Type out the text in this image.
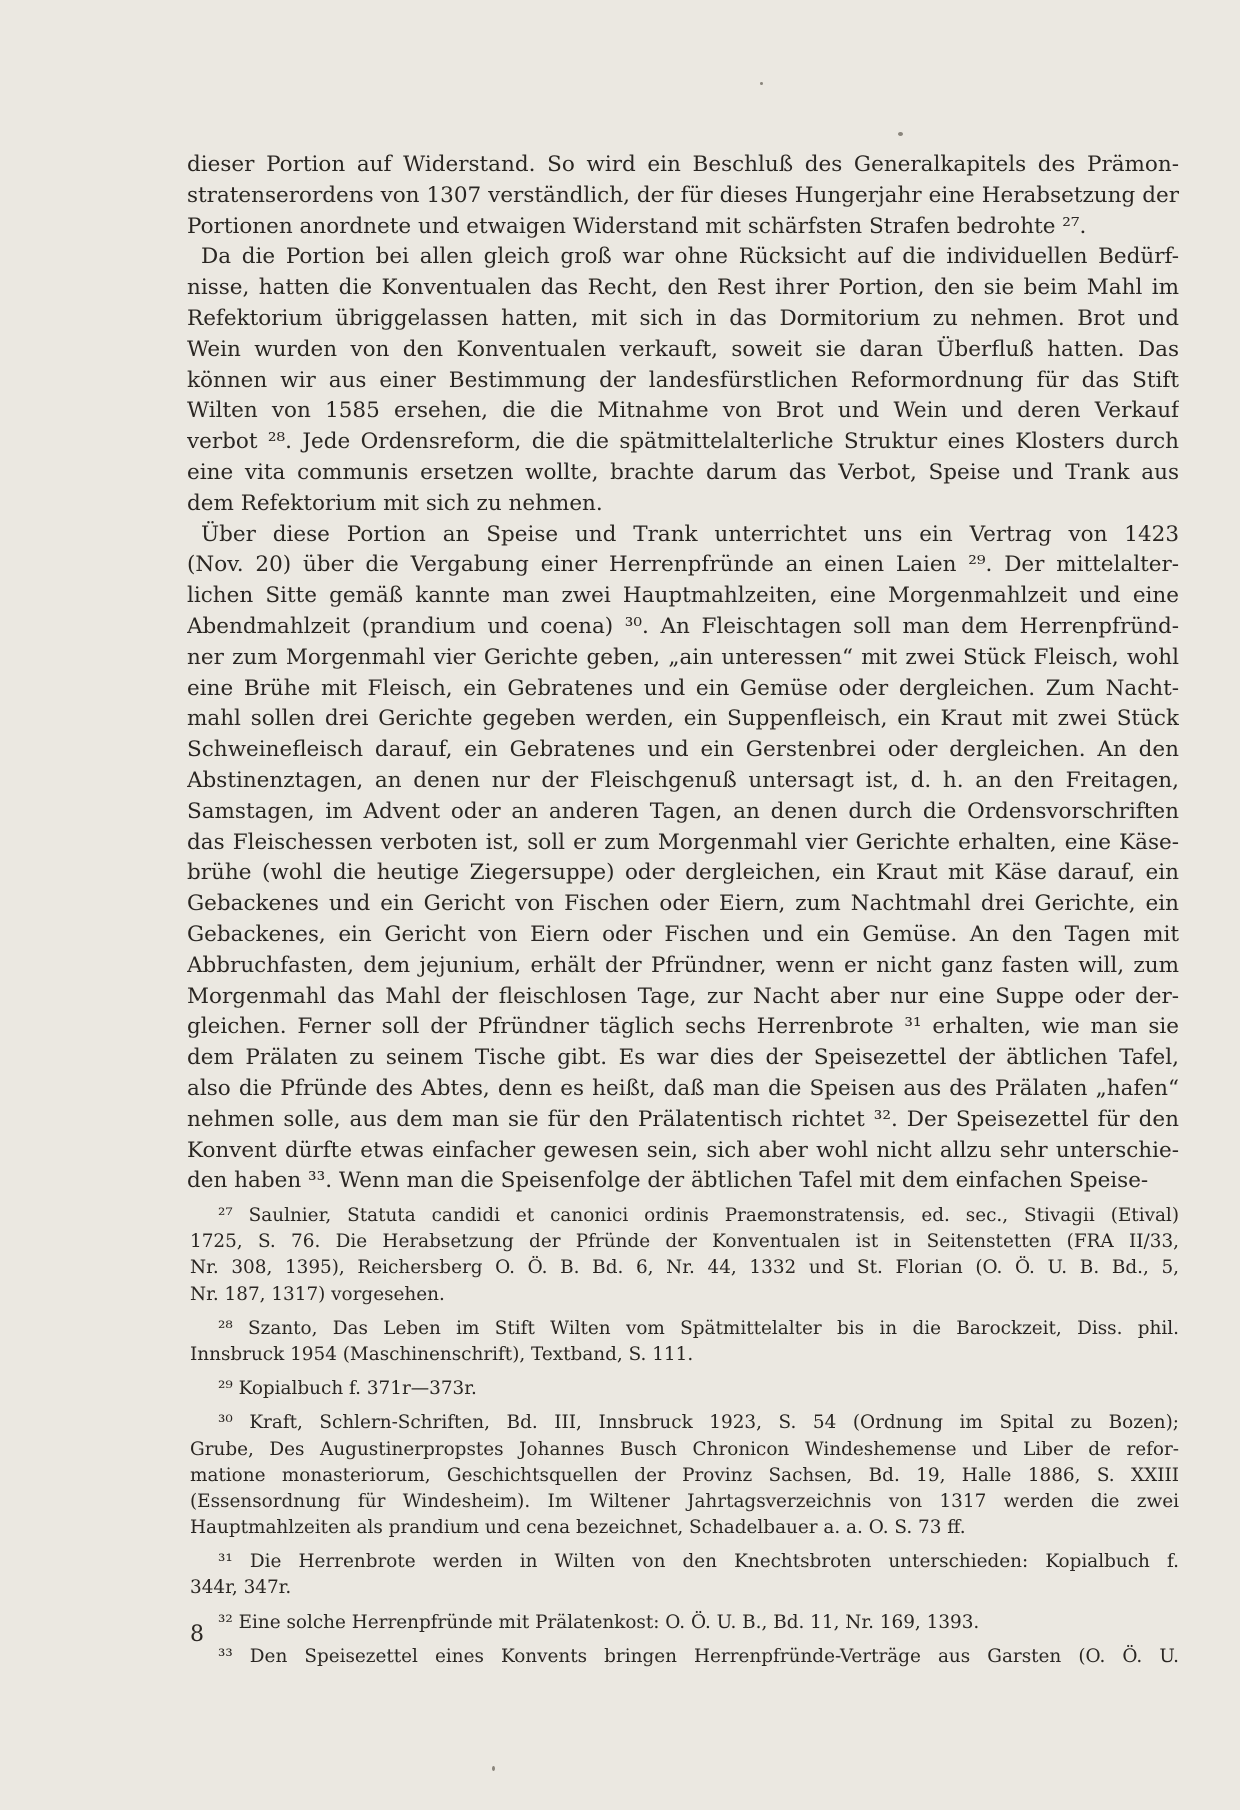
dieser Portion auf Widerstand. So wird ein Beschluß des Generalkapitels des Prämon-
stratenserordens von 1307 verständlich, der für dieses Hungerjahr eine Herabsetzung der
Portionen anordnete und etwaigen Widerstand mit schärfsten Strafen bedrohte ²⁷.
Da die Portion bei allen gleich groß war ohne Rücksicht auf die individuellen Bedürf-
nisse, hatten die Konventualen das Recht, den Rest ihrer Portion, den sie beim Mahl im
Refektorium übriggelassen hatten, mit sich in das Dormitorium zu nehmen. Brot und
Wein wurden von den Konventualen verkauft, soweit sie daran Überfluß hatten. Das
können wir aus einer Bestimmung der landesfürstlichen Reformordnung für das Stift
Wilten von 1585 ersehen, die die Mitnahme von Brot und Wein und deren Verkauf
verbot ²⁸. Jede Ordensreform, die die spätmittelalterliche Struktur eines Klosters durch
eine vita communis ersetzen wollte, brachte darum das Verbot, Speise und Trank aus
dem Refektorium mit sich zu nehmen.
Über diese Portion an Speise und Trank unterrichtet uns ein Vertrag von 1423
(Nov. 20) über die Vergabung einer Herrenpfründe an einen Laien ²⁹. Der mittelalter-
lichen Sitte gemäß kannte man zwei Hauptmahlzeiten, eine Morgenmahlzeit und eine
Abendmahlzeit (prandium und coena) ³⁰. An Fleischtagen soll man dem Herrenpfründ-
ner zum Morgenmahl vier Gerichte geben, „ain unteressen“ mit zwei Stück Fleisch, wohl
eine Brühe mit Fleisch, ein Gebratenes und ein Gemüse oder dergleichen. Zum Nacht-
mahl sollen drei Gerichte gegeben werden, ein Suppenfleisch, ein Kraut mit zwei Stück
Schweinefleisch darauf, ein Gebratenes und ein Gerstenbrei oder dergleichen. An den
Abstinenztagen, an denen nur der Fleischgenuß untersagt ist, d. h. an den Freitagen,
Samstagen, im Advent oder an anderen Tagen, an denen durch die Ordensvorschriften
das Fleischessen verboten ist, soll er zum Morgenmahl vier Gerichte erhalten, eine Käse-
brühe (wohl die heutige Ziegersuppe) oder dergleichen, ein Kraut mit Käse darauf, ein
Gebackenes und ein Gericht von Fischen oder Eiern, zum Nachtmahl drei Gerichte, ein
Gebackenes, ein Gericht von Eiern oder Fischen und ein Gemüse. An den Tagen mit
Abbruchfasten, dem jejunium, erhält der Pfründner, wenn er nicht ganz fasten will, zum
Morgenmahl das Mahl der fleischlosen Tage, zur Nacht aber nur eine Suppe oder der-
gleichen. Ferner soll der Pfründner täglich sechs Herrenbrote ³¹ erhalten, wie man sie
dem Prälaten zu seinem Tische gibt. Es war dies der Speisezettel der äbtlichen Tafel,
also die Pfründe des Abtes, denn es heißt, daß man die Speisen aus des Prälaten „hafen“
nehmen solle, aus dem man sie für den Prälatentisch richtet ³². Der Speisezettel für den
Konvent dürfte etwas einfacher gewesen sein, sich aber wohl nicht allzu sehr unterschie-
den haben ³³. Wenn man die Speisenfolge der äbtlichen Tafel mit dem einfachen Speise-
²⁷ Saulnier, Statuta candidi et canonici ordinis Praemonstratensis, ed. sec., Stivagii (Etival)
1725, S. 76. Die Herabsetzung der Pfründe der Konventualen ist in Seitenstetten (FRA II/33,
Nr. 308, 1395), Reichersberg O. Ö. B. Bd. 6, Nr. 44, 1332 und St. Florian (O. Ö. U. B. Bd., 5,
Nr. 187, 1317) vorgesehen.
²⁸ Szanto, Das Leben im Stift Wilten vom Spätmittelalter bis in die Barockzeit, Diss. phil.
Innsbruck 1954 (Maschinenschrift), Textband, S. 111.
²⁹ Kopialbuch f. 371r—373r.
³⁰ Kraft, Schlern-Schriften, Bd. III, Innsbruck 1923, S. 54 (Ordnung im Spital zu Bozen);
Grube, Des Augustinerpropstes Johannes Busch Chronicon Windeshemense und Liber de refor-
matione monasteriorum, Geschichtsquellen der Provinz Sachsen, Bd. 19, Halle 1886, S. XXIII
(Essensordnung für Windesheim). Im Wiltener Jahrtagsverzeichnis von 1317 werden die zwei
Hauptmahlzeiten als prandium und cena bezeichnet, Schadelbauer a. a. O. S. 73 ff.
³¹ Die Herrenbrote werden in Wilten von den Knechtsbroten unterschieden: Kopialbuch f.
344r, 347r.
³² Eine solche Herrenpfründe mit Prälatenkost: O. Ö. U. B., Bd. 11, Nr. 169, 1393.
³³ Den Speisezettel eines Konvents bringen Herrenpfründe-Verträge aus Garsten (O. Ö. U.
8
